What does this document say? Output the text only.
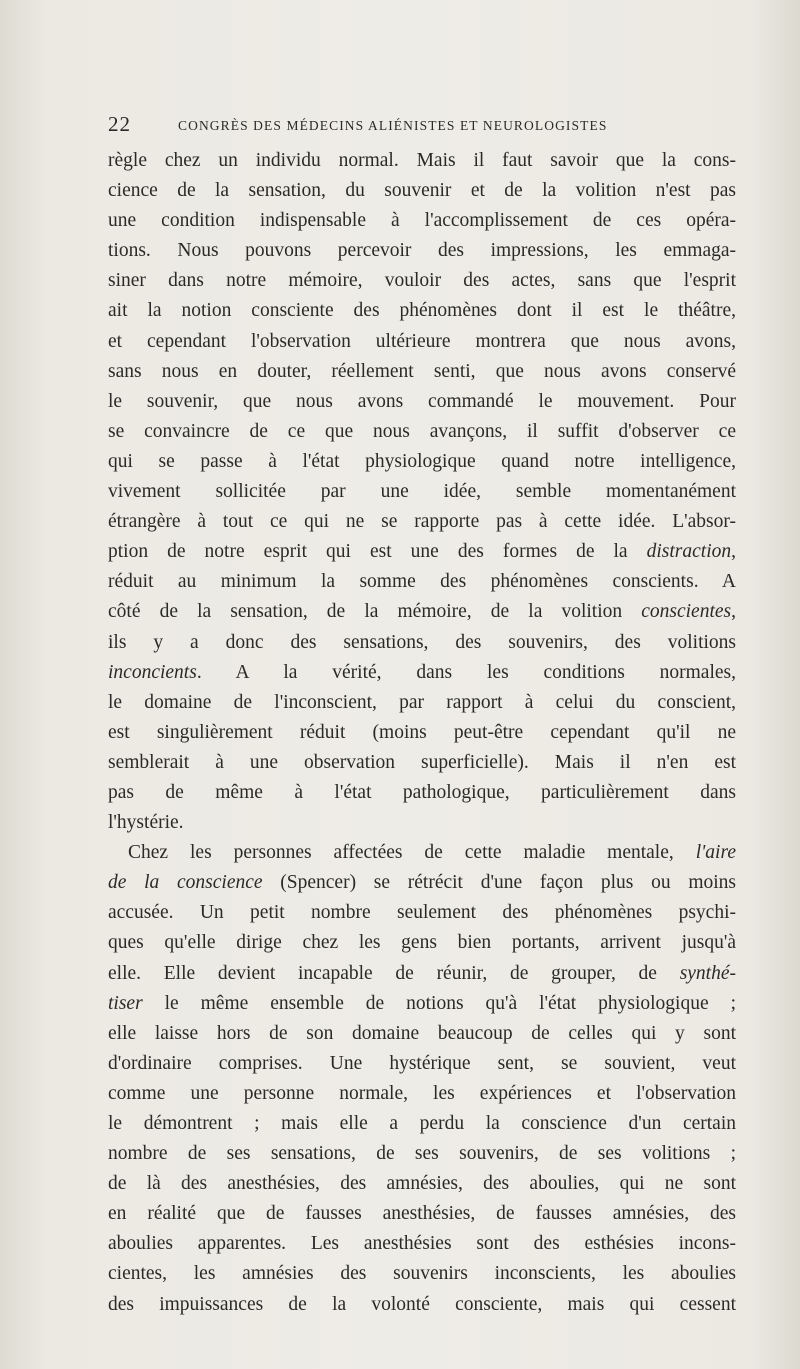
22	CONGRÈS DES MÉDECINS ALIÉNISTES ET NEUROLOGISTES
règle chez un individu normal. Mais il faut savoir que la cons-
cience de la sensation, du souvenir et de la volition n'est pas
une condition indispensable à l'accomplissement de ces opéra-
tions. Nous pouvons percevoir des impressions, les emmaga-
siner dans notre mémoire, vouloir des actes, sans que l'esprit
ait la notion consciente des phénomènes dont il est le théâtre,
et cependant l'observation ultérieure montrera que nous avons,
sans nous en douter, réellement senti, que nous avons conservé
le souvenir, que nous avons commandé le mouvement. Pour
se convaincre de ce que nous avançons, il suffit d'observer ce
qui se passe à l'état physiologique quand notre intelligence,
vivement sollicitée par une idée, semble momentanément
étrangère à tout ce qui ne se rapporte pas à cette idée. L'absor-
ption de notre esprit qui est une des formes de la distraction,
réduit au minimum la somme des phénomènes conscients. A
côté de la sensation, de la mémoire, de la volition conscientes,
ils y a donc des sensations, des souvenirs, des volitions
inconcients. A la vérité, dans les conditions normales,
le domaine de l'inconscient, par rapport à celui du conscient,
est singulièrement réduit (moins peut-être cependant qu'il ne
semblerait à une observation superficielle). Mais il n'en est
pas de même à l'état pathologique, particulièrement dans
l'hystérie.
Chez les personnes affectées de cette maladie mentale, l'aire
de la conscience (Spencer) se rétrécit d'une façon plus ou moins
accusée. Un petit nombre seulement des phénomènes psychi-
ques qu'elle dirige chez les gens bien portants, arrivent jusqu'à
elle. Elle devient incapable de réunir, de grouper, de synthé-
tiser le même ensemble de notions qu'à l'état physiologique ;
elle laisse hors de son domaine beaucoup de celles qui y sont
d'ordinaire comprises. Une hystérique sent, se souvient, veut
comme une personne normale, les expériences et l'observation
le démontrent ; mais elle a perdu la conscience d'un certain
nombre de ses sensations, de ses souvenirs, de ses volitions ;
de là des anesthésies, des amnésies, des aboulies, qui ne sont
en réalité que de fausses anesthésies, de fausses amnésies, des
aboulies apparentes. Les anesthésies sont des esthésies incons-
cientes, les amnésies des souvenirs inconscients, les aboulies
des impuissances de la volonté consciente, mais qui cessent
